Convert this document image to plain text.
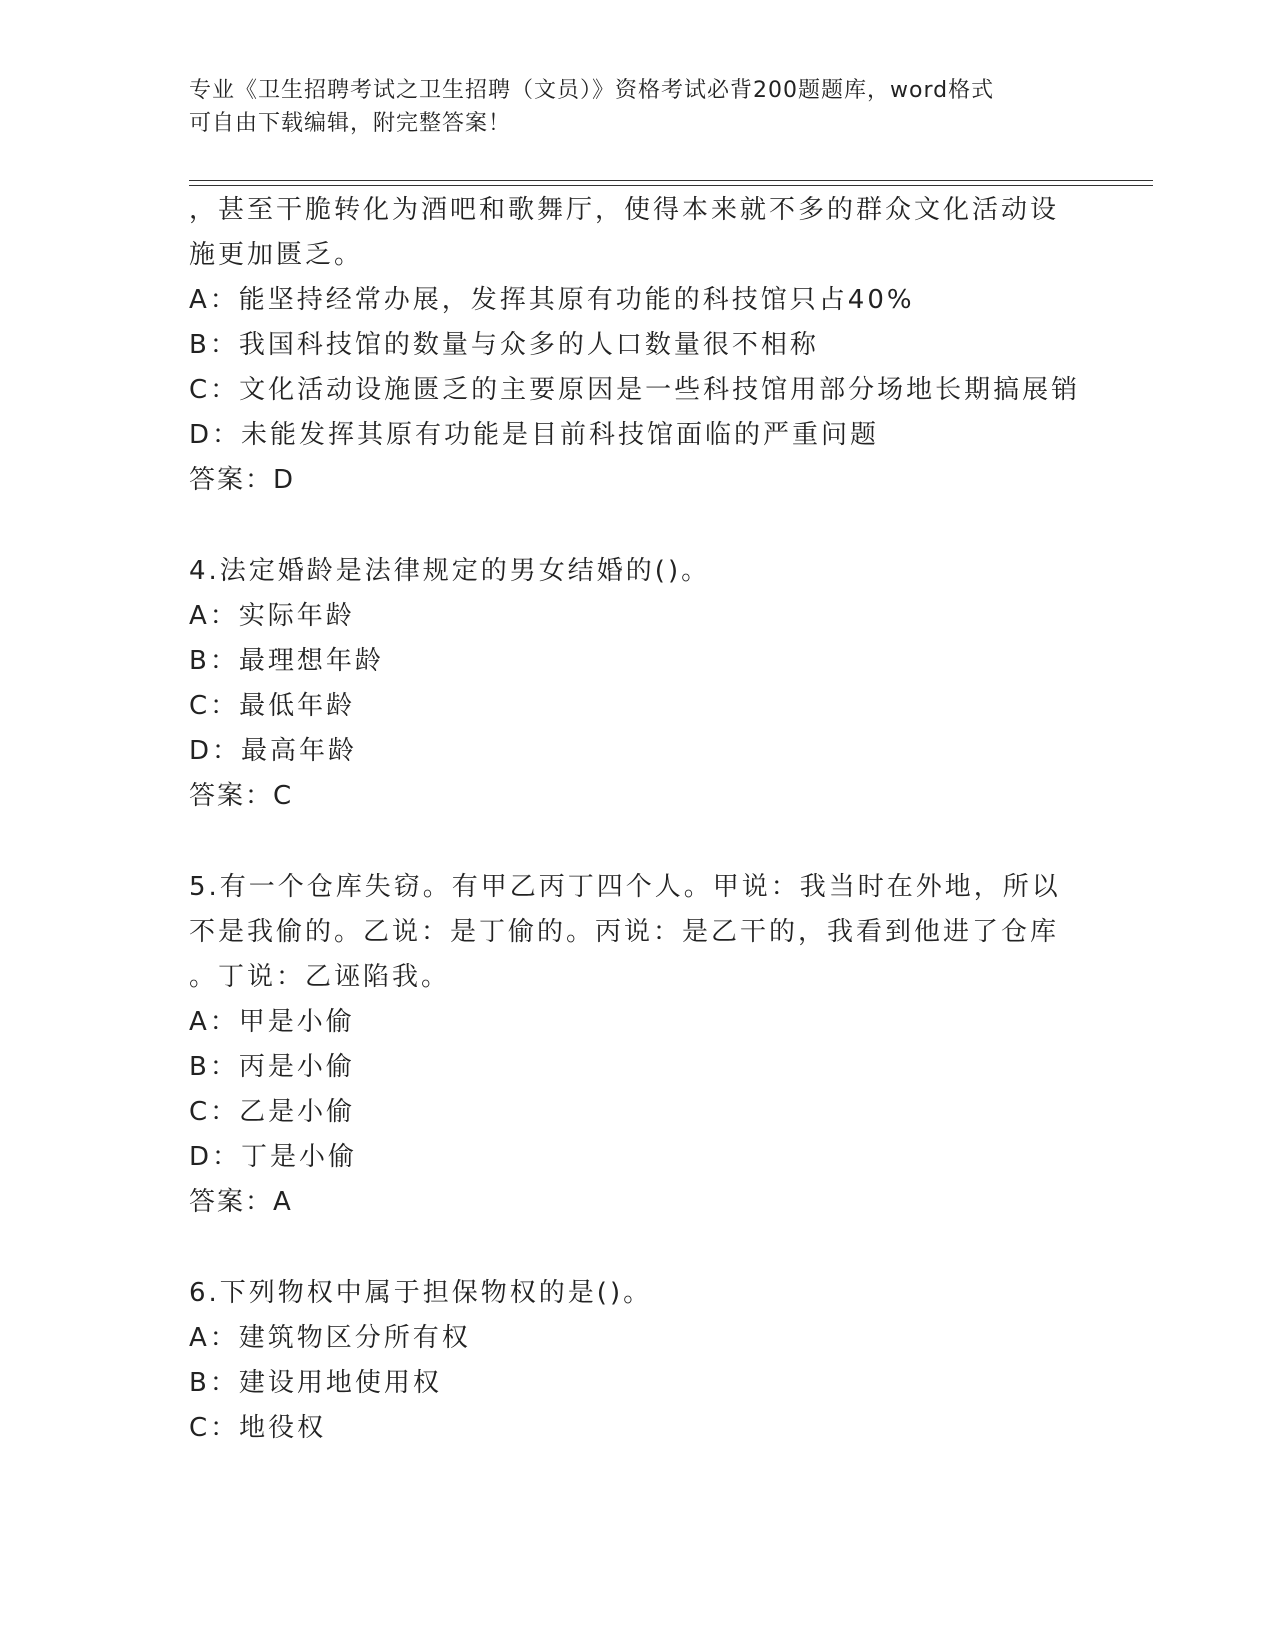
专业《卫生招聘考试之卫生招聘（文员）》资格考试必背200题题库，word格式
可自由下载编辑，附完整答案！
，甚至干脆转化为酒吧和歌舞厅，使得本来就不多的群众文化活动设
施更加匮乏。
A：能坚持经常办展，发挥其原有功能的科技馆只占40%
B：我国科技馆的数量与众多的人口数量很不相称
C：文化活动设施匮乏的主要原因是一些科技馆用部分场地长期搞展销
D：未能发挥其原有功能是目前科技馆面临的严重问题
答案：D
4.法定婚龄是法律规定的男女结婚的()。
A：实际年龄
B：最理想年龄
C：最低年龄
D：最高年龄
答案：C
5.有一个仓库失窃。有甲乙丙丁四个人。甲说：我当时在外地，所以
不是我偷的。乙说：是丁偷的。丙说：是乙干的，我看到他进了仓库
。丁说：乙诬陷我。
A：甲是小偷
B：丙是小偷
C：乙是小偷
D：丁是小偷
答案：A
6.下列物权中属于担保物权的是()。
A：建筑物区分所有权
B：建设用地使用权
C：地役权
